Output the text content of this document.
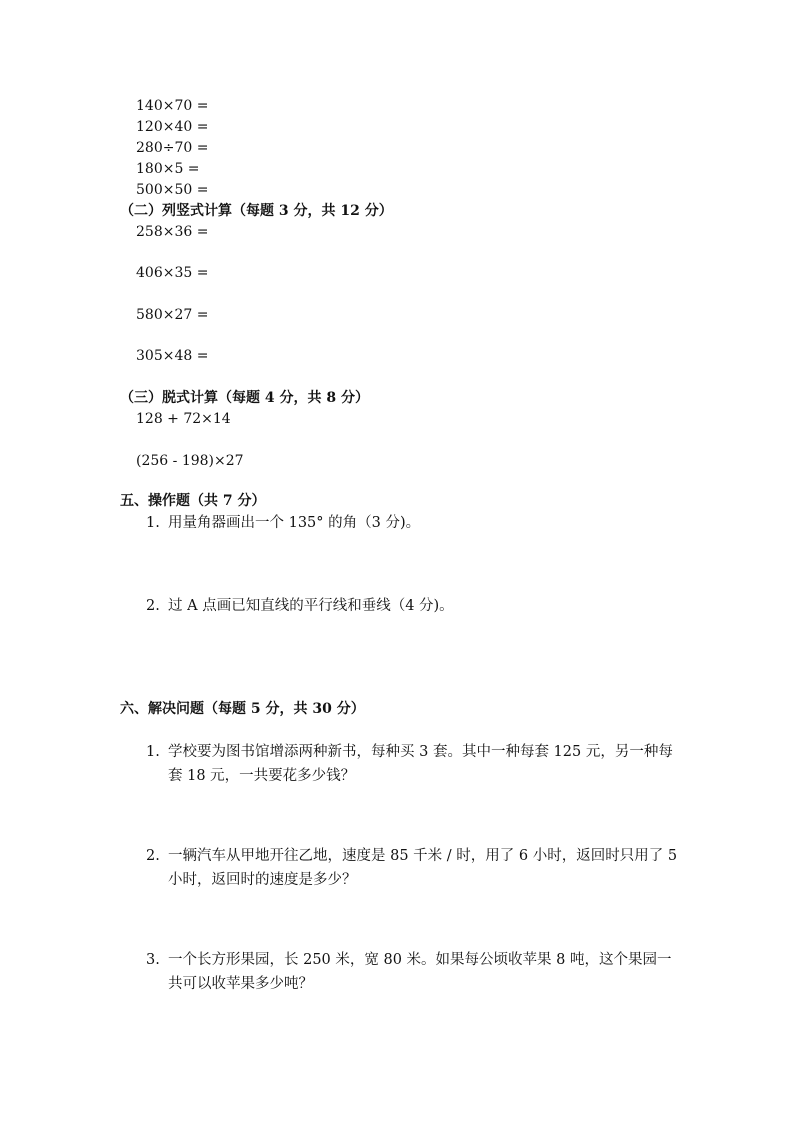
140×70 =
120×40 =
280÷70 =
180×5 =
500×50 =
（二）列竖式计算（每题 3 分，共 12 分）
258×36 =
406×35 =
580×27 =
305×48 =
（三）脱式计算（每题 4 分，共 8 分）
128 + 72×14
(256 - 198)×27
五、操作题（共 7 分）
1. 用量角器画出一个 135° 的角（3 分)。
2. 过 A 点画已知直线的平行线和垂线（4 分)。
六、解决问题（每题 5 分，共 30 分）
1. 学校要为图书馆增添两种新书，每种买 3 套。其中一种每套 125 元，另一种每套 18 元，一共要花多少钱？
2. 一辆汽车从甲地开往乙地，速度是 85 千米 / 时，用了 6 小时，返回时只用了 5 小时，返回时的速度是多少？
3. 一个长方形果园，长 250 米，宽 80 米。如果每公顷收苹果 8 吨，这个果园一共可以收苹果多少吨？
